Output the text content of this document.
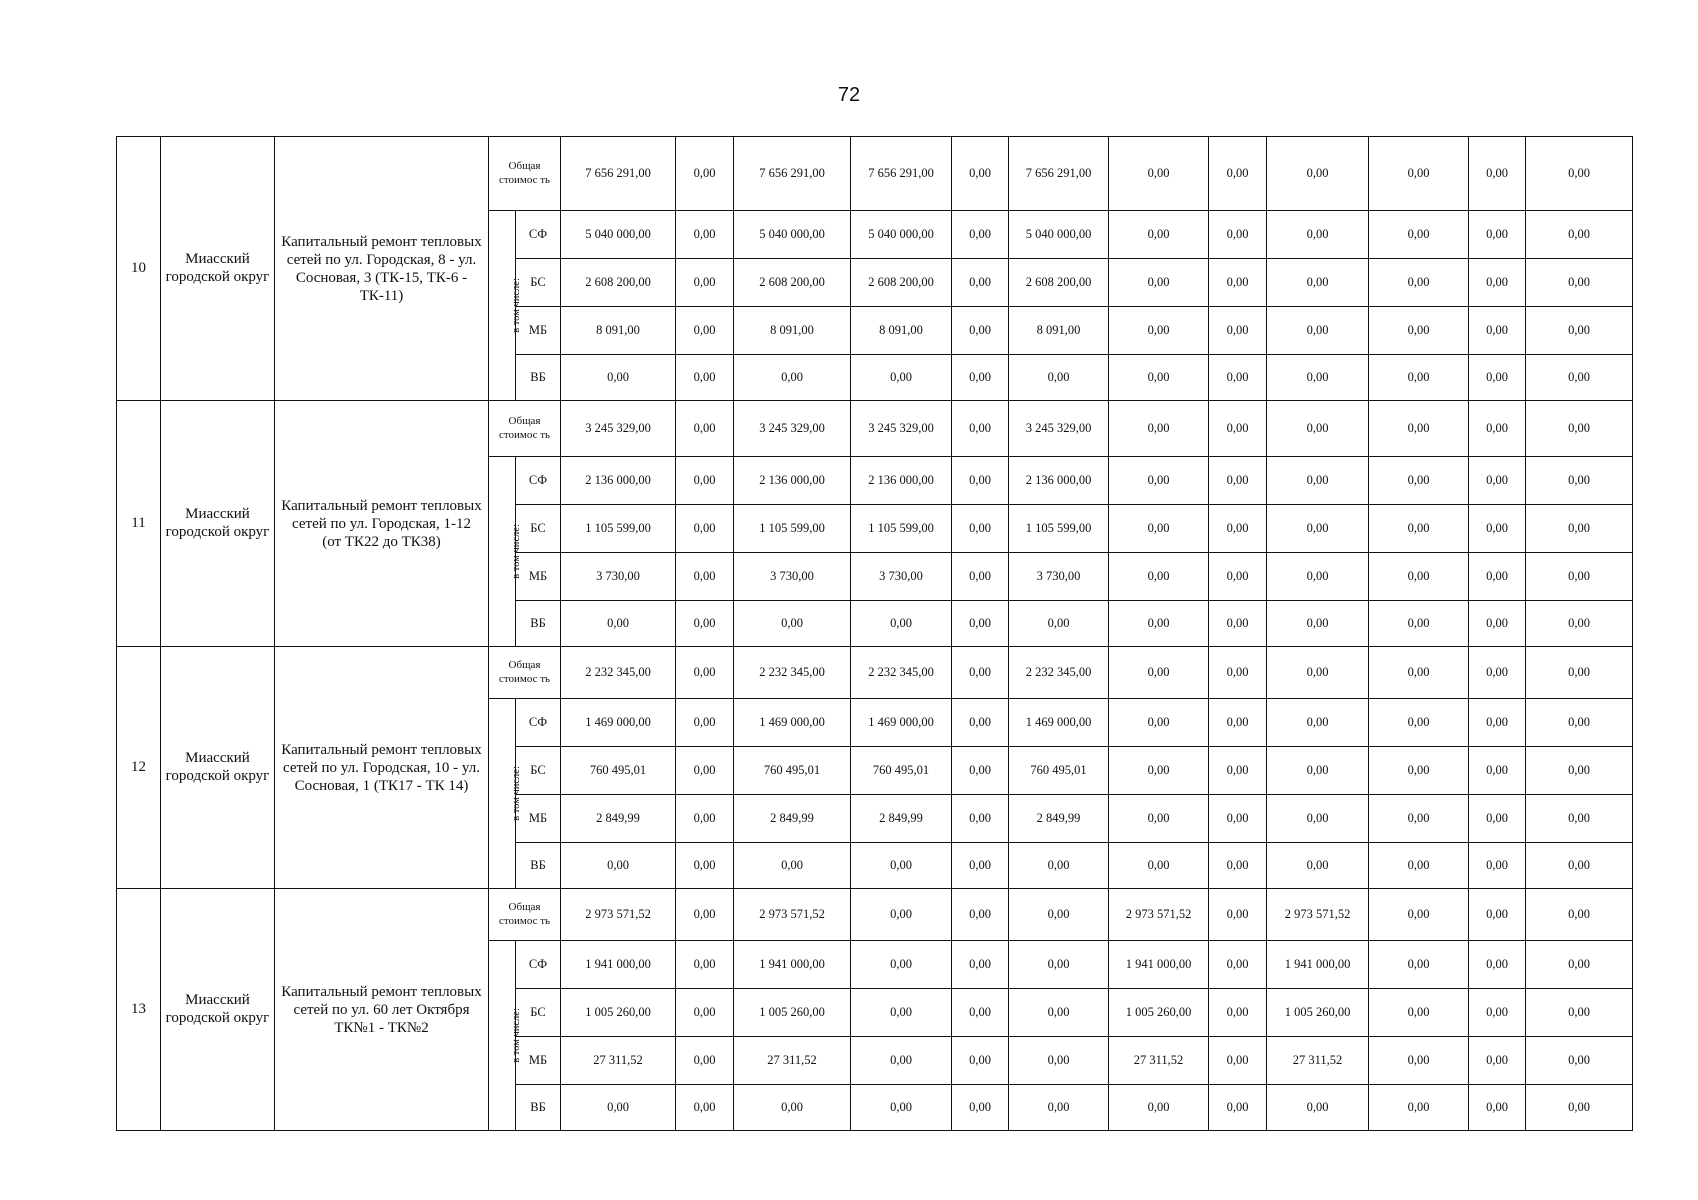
72
10	Миасский городской округ	Капитальный ремонт тепловых сетей по ул. Городская, 8 - ул. Сосновая, 3 (ТК-15, ТК-6 - ТК-11)	Общая стоимос ть		7 656 291,00	0,00	7 656 291,00	7 656 291,00	0,00	7 656 291,00	0,00	0,00	0,00	0,00	0,00	0,00
			в том числе:	СФ	5 040 000,00	0,00	5 040 000,00	5 040 000,00	0,00	5 040 000,00	0,00	0,00	0,00	0,00	0,00	0,00
				БС	2 608 200,00	0,00	2 608 200,00	2 608 200,00	0,00	2 608 200,00	0,00	0,00	0,00	0,00	0,00	0,00
				МБ	8 091,00	0,00	8 091,00	8 091,00	0,00	8 091,00	0,00	0,00	0,00	0,00	0,00	0,00
				ВБ	0,00	0,00	0,00	0,00	0,00	0,00	0,00	0,00	0,00	0,00	0,00	0,00
11	Миасский городской округ	Капитальный ремонт тепловых сетей по ул. Городская, 1-12 (от ТК22 до ТК38)	Общая стоимос ть		3 245 329,00	0,00	3 245 329,00	3 245 329,00	0,00	3 245 329,00	0,00	0,00	0,00	0,00	0,00	0,00
			в том числе:	СФ	2 136 000,00	0,00	2 136 000,00	2 136 000,00	0,00	2 136 000,00	0,00	0,00	0,00	0,00	0,00	0,00
				БС	1 105 599,00	0,00	1 105 599,00	1 105 599,00	0,00	1 105 599,00	0,00	0,00	0,00	0,00	0,00	0,00
				МБ	3 730,00	0,00	3 730,00	3 730,00	0,00	3 730,00	0,00	0,00	0,00	0,00	0,00	0,00
				ВБ	0,00	0,00	0,00	0,00	0,00	0,00	0,00	0,00	0,00	0,00	0,00	0,00
12	Миасский городской округ	Капитальный ремонт тепловых сетей по ул. Городская, 10 - ул. Сосновая, 1 (ТК17 - ТК 14)	Общая стоимос ть		2 232 345,00	0,00	2 232 345,00	2 232 345,00	0,00	2 232 345,00	0,00	0,00	0,00	0,00	0,00	0,00
			в том числе:	СФ	1 469 000,00	0,00	1 469 000,00	1 469 000,00	0,00	1 469 000,00	0,00	0,00	0,00	0,00	0,00	0,00
				БС	760 495,01	0,00	760 495,01	760 495,01	0,00	760 495,01	0,00	0,00	0,00	0,00	0,00	0,00
				МБ	2 849,99	0,00	2 849,99	2 849,99	0,00	2 849,99	0,00	0,00	0,00	0,00	0,00	0,00
				ВБ	0,00	0,00	0,00	0,00	0,00	0,00	0,00	0,00	0,00	0,00	0,00	0,00
13	Миасский городской округ	Капитальный ремонт тепловых сетей по ул. 60 лет Октября ТК№1 - ТК№2	Общая стоимос ть		2 973 571,52	0,00	2 973 571,52	0,00	0,00	0,00	2 973 571,52	0,00	2 973 571,52	0,00	0,00	0,00
			в том числе:	СФ	1 941 000,00	0,00	1 941 000,00	0,00	0,00	0,00	1 941 000,00	0,00	1 941 000,00	0,00	0,00	0,00
				БС	1 005 260,00	0,00	1 005 260,00	0,00	0,00	0,00	1 005 260,00	0,00	1 005 260,00	0,00	0,00	0,00
				МБ	27 311,52	0,00	27 311,52	0,00	0,00	0,00	27 311,52	0,00	27 311,52	0,00	0,00	0,00
				ВБ	0,00	0,00	0,00	0,00	0,00	0,00	0,00	0,00	0,00	0,00	0,00	0,00
